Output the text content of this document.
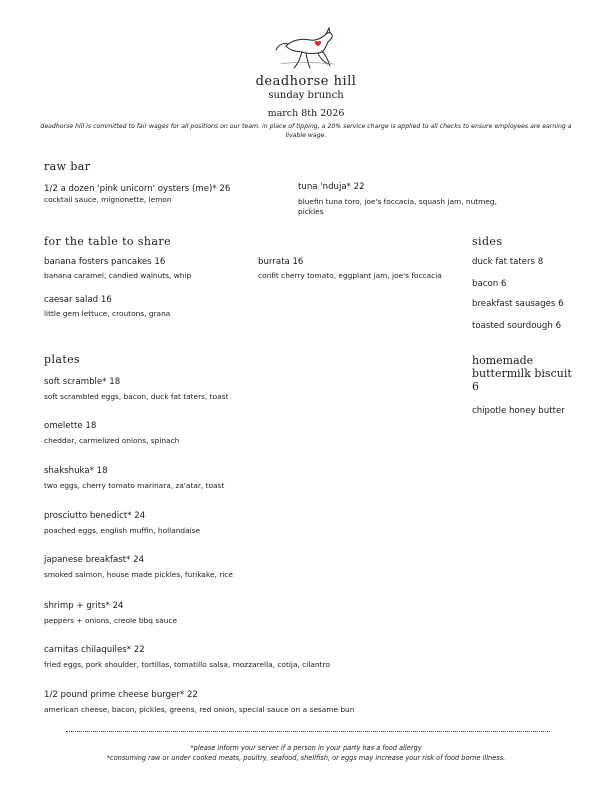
deadhorse hill
sunday brunch
march 8th 2026
deadhorse hill is committed to fair wages for all positions on our team. in place of tipping, a 20% service charge is applied to all checks to ensure employees are earning a livable wage.
raw bar
1/2 a dozen 'pink unicorn' oysters (me)* 26
cocktail sauce, mignonette, lemon
tuna 'nduja* 22
bluefin tuna toro, joe's foccacia, squash jam, nutmeg, pickles
for the table to share
banana fosters pancakes 16
banana caramel, candied walnuts, whip
caesar salad 16
little gem lettuce, croutons, grana
burrata 16
confit cherry tomato, eggplant jam, joe's foccacia
sides
duck fat taters 8
bacon 6
breakfast sausages 6
toasted sourdough 6
homemade buttermilk biscuit 6
chipotle honey butter
plates
soft scramble* 18
soft scrambled eggs, bacon, duck fat taters, toast
omelette 18
cheddar, carmelized onions, spinach
shakshuka* 18
two eggs, cherry tomato marinara, za'atar, toast
prosciutto benedict* 24
poached eggs, english muffin, hollandaise
japanese breakfast* 24
smoked salmon, house made pickles, furikake, rice
shrimp + grits* 24
peppers + onions, creole bbq sauce
carnitas chilaquiles* 22
fried eggs, pork shoulder, tortillas, tomatillo salsa, mozzarella, cotija, cilantro
1/2 pound prime cheese burger* 22
american cheese, bacon, pickles, greens, red onion, special sauce on a sesame bun
*please inform your server if a person in your party has a food allergy
*consuming raw or under cooked meats, poultry, seafood, shellfish, or eggs may increase your risk of food borne illness.
